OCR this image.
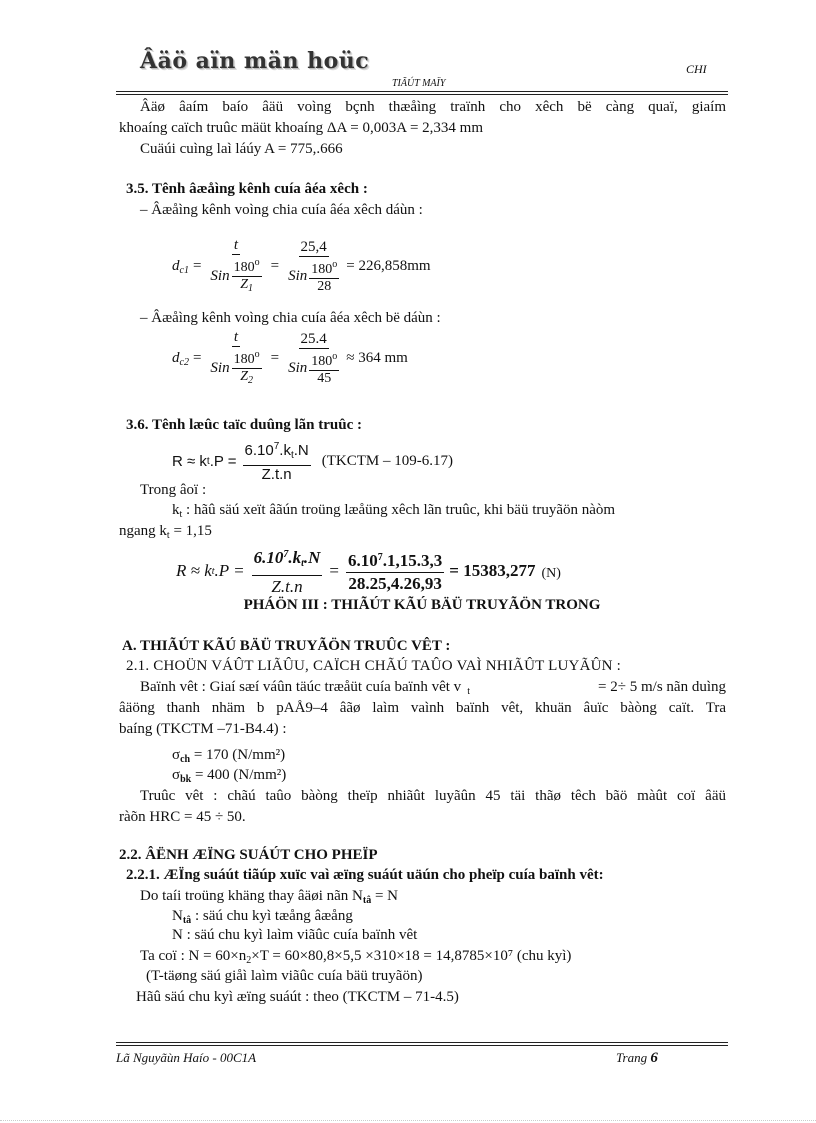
Âäö aïn män hoüc	CHI
TIÃÚT MAÏY
Âäø âaím baío âäü voìng bçnh thæåìng traïnh cho xêch bë càng quaï, giaím
khoaíng caïch truûc mäüt khoaíng ΔA = 0,003A = 2,334 mm
Cuäúi cuìng laì láúy A = 775,.666
3.5. Tênh âæåìng kênh cuía âéa xêch :
– Âæåìng kênh voìng chia cuía âéa xêch dáùn :
$d_{c1} = \frac{t}{Sin \frac{180^o}{Z_1}} = \frac{25,4}{Sin \frac{180^o}{28}} = 226,858mm$
– Âæåìng kênh voìng chia cuía âéa xêch bë dáùn :
$d_{c2} = \frac{t}{Sin \frac{180^o}{Z_2}} = \frac{25.4}{Sin \frac{180^o}{45}} \approx 364$ mm
3.6. Tênh læûc taïc duûng lãn truûc :
R ≈ k t $.P = \frac{6.10^7.k_t.N}{Z.t.n}$ (TKCTM – 109-6.17)
Trong âoï :
$k_t$ : hãû säú xeït âãún troüng læåüng xêch lãn truûc, khi bäü truyãön nàòm
ngang $k_t = 1,15$
R ≈ k t $.P = \frac{6.10^7.k_t.N}{Z.t.n} = \frac{6.10^7.1,15.3,3}{28.25,4.26,93} = 15383,277$ (N)
PHÁÖN III : THIÃÚT KÃÚ BÄÜ TRUYÃÖN TRONG
A. THIÃÚT KÃÚ BÄÜ TRUYÃÖN TRUÛC VÊT :
2.1. CHOÜN VÁÛT LIÃÛU, CAÏCH CHÃÚ TAÛO VAÌ NHIÃÛT LUYÃÛN :
Baïnh vêt : Giaí sæí váûn täúc træåüt cuía baïnh vêt v $_t$	= 2÷ 5 m/s nãn duìng
âäöng thanh nhäm b pAÅ9–4 âãø laìm vaình baïnh vêt, khuän âuïc bàòng caït. Tra
baíng (TKCTM –71-B4.4) :
$\sigma_{ch} = 170$ (N/mm²)
$\sigma_{bk} = 400$ (N/mm²)
Truûc vêt : chãú taûo bàòng theïp nhiãût luyãûn 45 täi thãø têch bãö màût coï âäü
ràõn HRC = 45 ÷ 50.
2.2. ÂËNH ÆÏNG SUÁÚT CHO PHEÏP
2.2.1. ÆÏng suáút tiãúp xuïc vaì æïng suáút uäún cho pheïp cuía baïnh vêt:
Do taíi troüng khäng thay âäøi nãn $N_{tâ} = N$
$N_{tâ}$ : säú chu kyì tæång âæång
N : säú chu kyì laìm viãûc cuía baïnh vêt
Ta coï : $N = 60\times n_2\times T = 60\times 80,8\times 5,5 \times 310\times 18 = 14,8785\times 10^7$ (chu kyì)
(T-täøng säú giåì laìm viãûc cuía bäü truyãön)
Hãû säú chu kyì æïng suáút : theo (TKCTM – 71-4.5)
Lã Nguyãùn Haío - 00C1A	Trang 6
